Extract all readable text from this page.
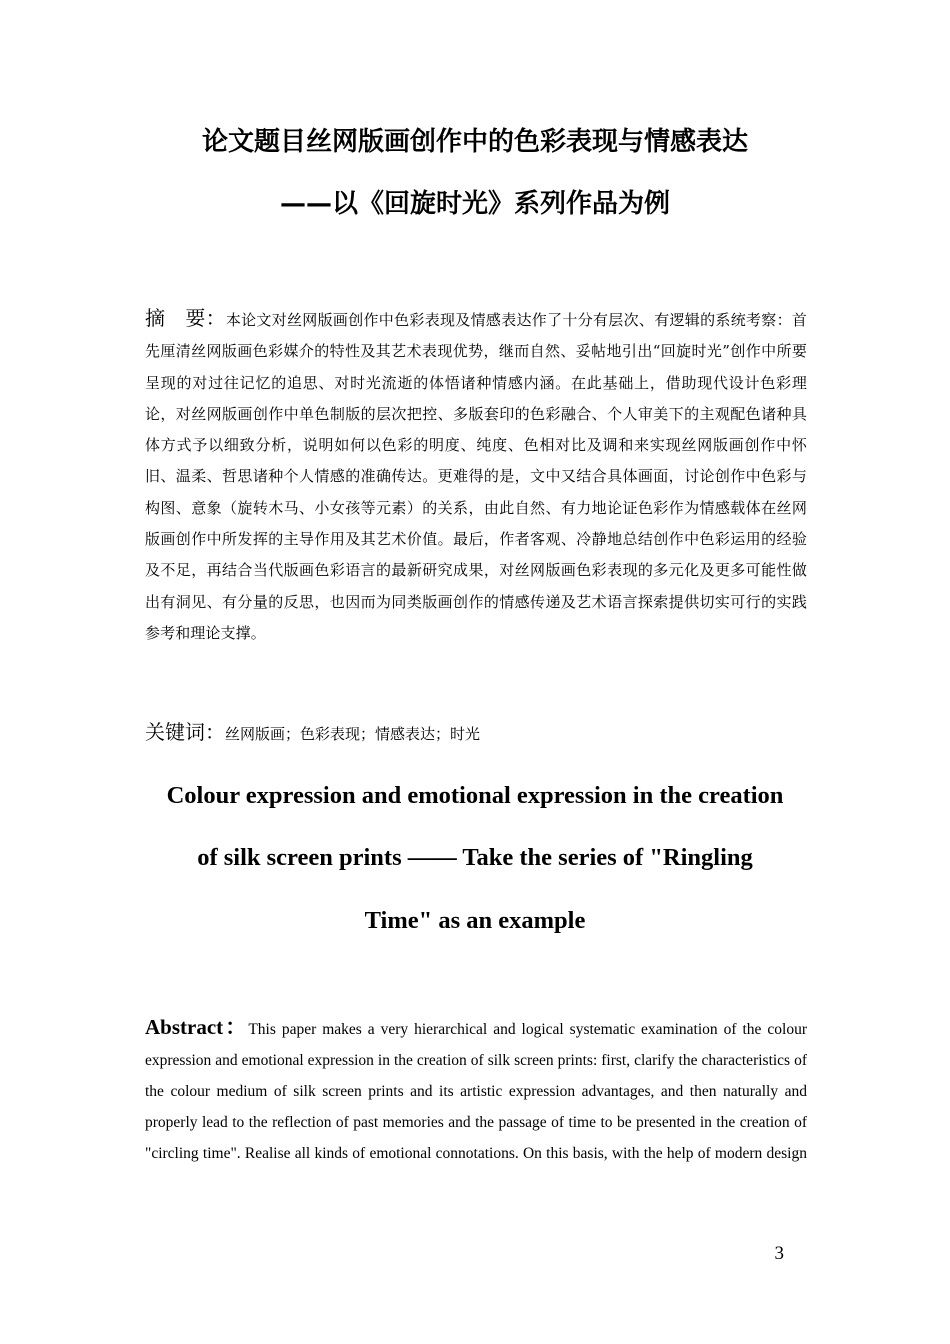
论文题目丝网版画创作中的色彩表现与情感表达
——以《回旋时光》系列作品为例
摘　要：本论文对丝网版画创作中色彩表现及情感表达作了十分有层次、有逻辑的系统考察：首先厘清丝网版画色彩媒介的特性及其艺术表现优势，继而自然、妥帖地引出“回旋时光”创作中所要呈现的对过往记忆的追思、对时光流逝的体悟诸种情感内涵。在此基础上，借助现代设计色彩理论，对丝网版画创作中单色制版的层次把控、多版套印的色彩融合、个人审美下的主观配色诸种具体方式予以细致分析，说明如何以色彩的明度、纯度、色相对比及调和来实现丝网版画创作中怀旧、温柔、哲思诸种个人情感的准确传达。更难得的是，文中又结合具体画面，讨论创作中色彩与构图、意象（旋转木马、小女孩等元素）的关系，由此自然、有力地论证色彩作为情感载体在丝网版画创作中所发挥的主导作用及其艺术价值。最后，作者客观、冷静地总结创作中色彩运用的经验及不足，再结合当代版画色彩语言的最新研究成果，对丝网版画色彩表现的多元化及更多可能性做出有洞见、有分量的反思，也因而为同类版画创作的情感传递及艺术语言探索提供切实可行的实践参考和理论支撑。
关键词：丝网版画；色彩表现；情感表达；时光
Colour expression and emotional expression in the creation
of silk screen prints —— Take the series of "Ringling
Time" as an example
Abstract：This paper makes a very hierarchical and logical systematic examination of the colour expression and emotional expression in the creation of silk screen prints: first, clarify the characteristics of the colour medium of silk screen prints and its artistic expression advantages, and then naturally and properly lead to the reflection of past memories and the passage of time to be presented in the creation of "circling time". Realise all kinds of emotional connotations. On this basis, with the help of modern design
3
